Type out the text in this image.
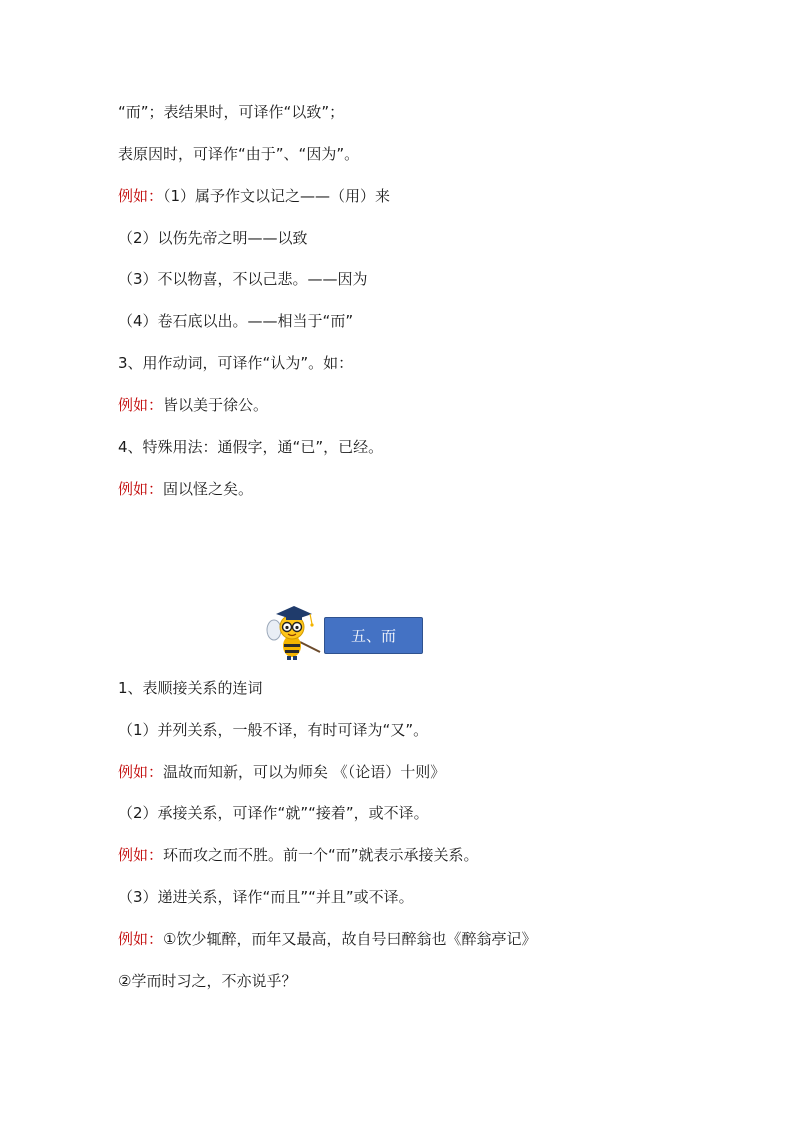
“而”；表结果时，可译作“以致”；
表原因时，可译作“由于”、“因为”。
例如：（1）属予作文以记之——（用）来
（2）以伤先帝之明——以致
（3）不以物喜，不以己悲。——因为
（4）卷石底以出。——相当于“而”
3、用作动词，可译作“认为”。如：
例如：皆以美于徐公。
4、特殊用法：通假字，通“已”，已经。
例如：固以怪之矣。
五、而
1、表顺接关系的连词
（1）并列关系，一般不译，有时可译为“又”。
例如：温故而知新，可以为师矣 《（论语）十则》
（2）承接关系，可译作“就”“接着”，或不译。
例如：环而攻之而不胜。前一个“而”就表示承接关系。
（3）递进关系，译作“而且”“并且”或不译。
例如：①饮少辄醉，而年又最高，故自号曰醉翁也《醉翁亭记》
②学而时习之，不亦说乎？
